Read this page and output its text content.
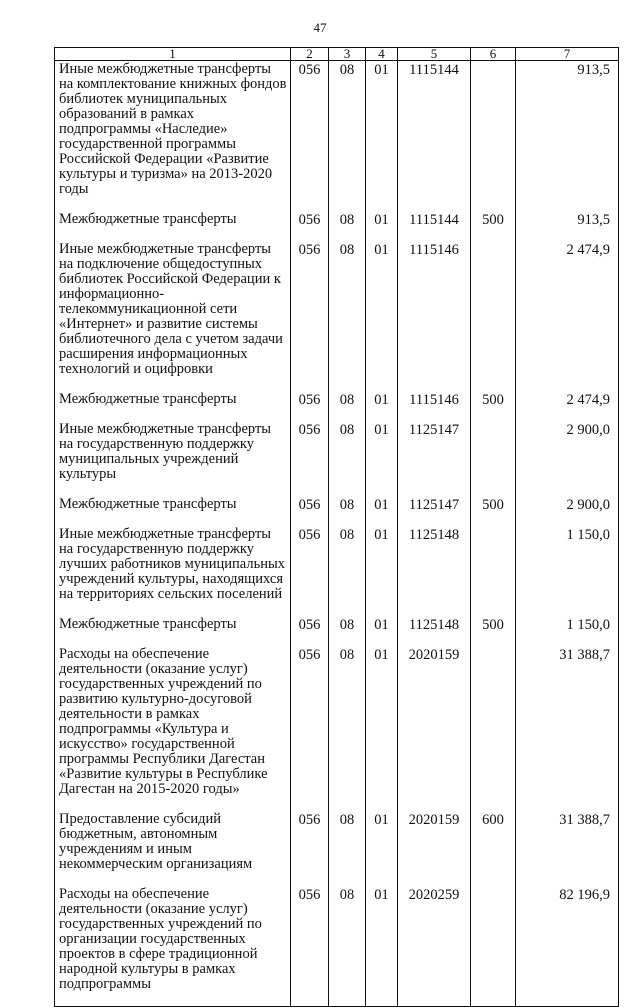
47
1	2	3	4	5	6	7
Иные межбюджетные трансферты на комплектование книжных фондов библиотек муниципальных образований в рамках подпрограммы «Наследие» государственной программы Российской Федерации «Развитие культуры и туризма» на 2013-2020 годы	056	08	01	1115144		913,5
Межбюджетные трансферты	056	08	01	1115144	500	913,5
Иные межбюджетные трансферты на подключение общедоступных библиотек Российской Федерации к информационно-телекоммуникационной сети «Интернет» и развитие системы библиотечного дела с учетом задачи расширения информационных технологий и оцифровки	056	08	01	1115146		2 474,9
Межбюджетные трансферты	056	08	01	1115146	500	2 474,9
Иные межбюджетные трансферты на государственную поддержку муниципальных учреждений культуры	056	08	01	1125147		2 900,0
Межбюджетные трансферты	056	08	01	1125147	500	2 900,0
Иные межбюджетные трансферты на государственную поддержку лучших работников муниципальных учреждений культуры, находящихся на территориях сельских поселений	056	08	01	1125148		1 150,0
Межбюджетные трансферты	056	08	01	1125148	500	1 150,0
Расходы на обеспечение деятельности (оказание услуг) государственных учреждений по развитию культурно-досуговой деятельности в рамках подпрограммы «Культура и искусство» государственной программы Республики Дагестан «Развитие культуры в Республике Дагестан на 2015-2020 годы»	056	08	01	2020159		31 388,7
Предоставление субсидий бюджетным, автономным учреждениям и иным некоммерческим организациям	056	08	01	2020159	600	31 388,7
Расходы на обеспечение деятельности (оказание услуг) государственных учреждений по организации государственных проектов в сфере традиционной народной культуры в рамках подпрограммы	056	08	01	2020259		82 196,9
